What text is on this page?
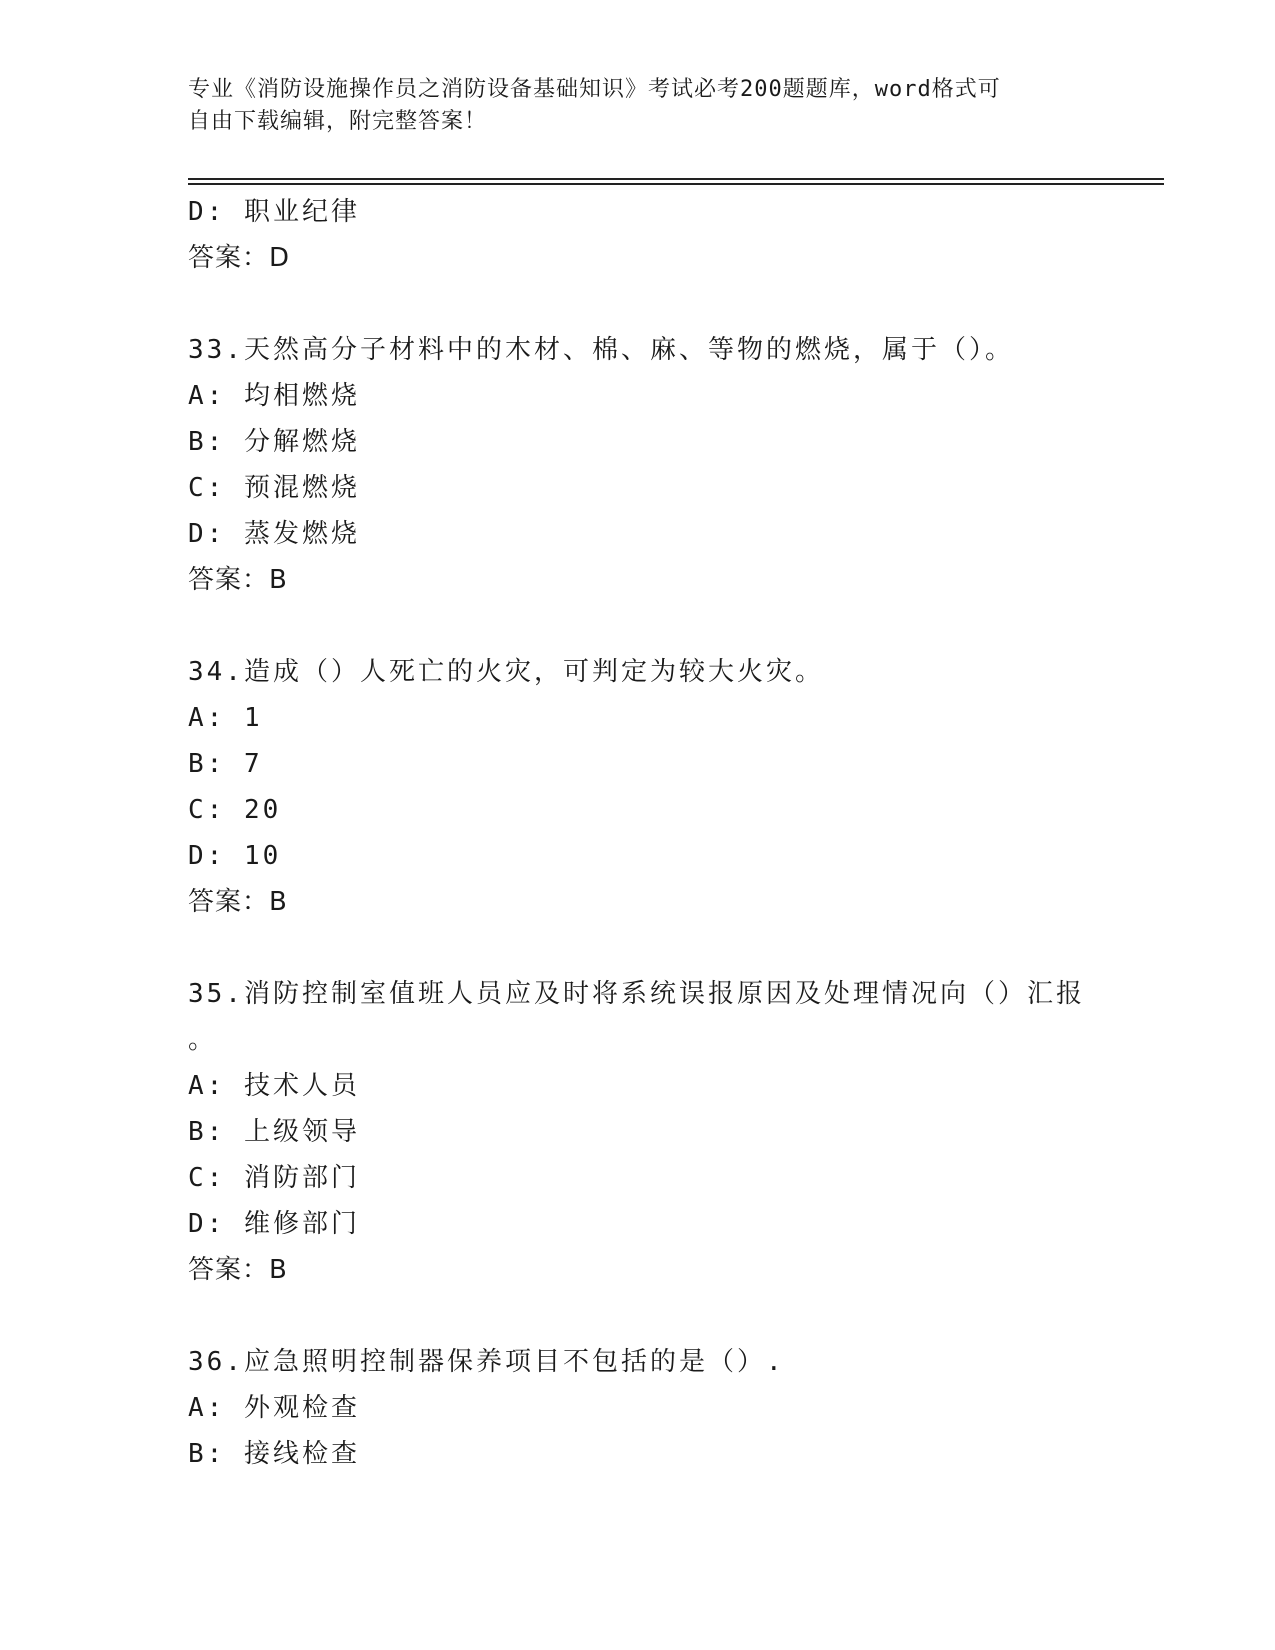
专业《消防设施操作员之消防设备基础知识》考试必考200题题库，word格式可
自由下载编辑，附完整答案！
D: 职业纪律
答案：D
33.天然高分子材料中的木材、棉、麻、等物的燃烧，属于（）。
A: 均相燃烧
B: 分解燃烧
C: 预混燃烧
D: 蒸发燃烧
答案：B
34.造成（）人死亡的火灾，可判定为较大火灾。
A: 1
B: 7
C: 20
D: 10
答案：B
35.消防控制室值班人员应及时将系统误报原因及处理情况向（）汇报
。
A: 技术人员
B: 上级领导
C: 消防部门
D: 维修部门
答案：B
36.应急照明控制器保养项目不包括的是（）.
A: 外观检查
B: 接线检查
